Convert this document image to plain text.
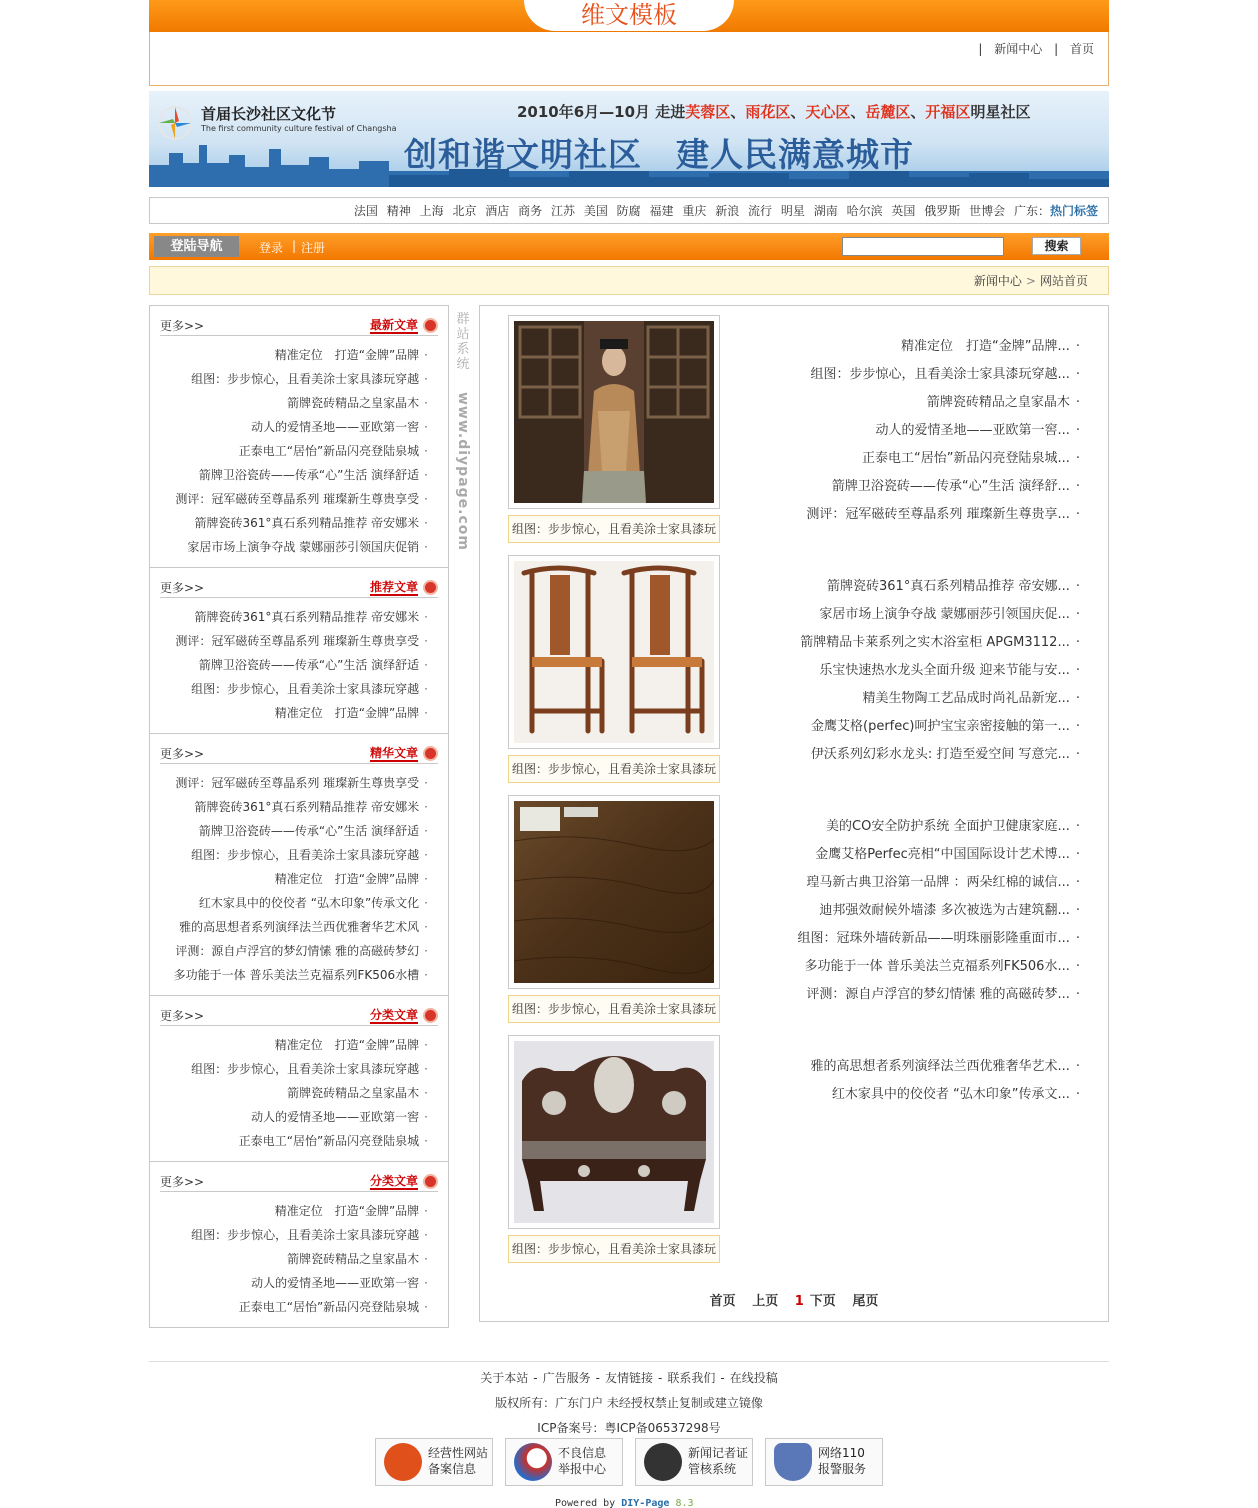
维文模板
| 新闻中心 | 首页
首届长沙社区文化节
The first community culture festival of Changsha
2010年6月—10月 走进芙蓉区、雨花区、天心区、岳麓区、开福区明星社区
创和谐文明社区　建人民满意城市
法国 精神 上海 北京 酒店 商务 江苏 美国 防腐 福建 重庆 新浪 流行 明星 湖南 哈尔滨 英国 俄罗斯 世博会 广东：热门标签
登陆导航	登录 | 注册	搜索
新闻中心 > 网站首页
更多>>	最新文章
精准定位　打造“金牌”品牌 ·
组图：步步惊心，且看美涂士家具漆玩穿越 ·
箭牌瓷砖精品之皇家晶木 ·
动人的爱情圣地——亚欧第一窖 ·
正泰电工“居怡”新品闪亮登陆泉城 ·
箭牌卫浴瓷砖——传承“心”生活 演绎舒适 ·
测评：冠军磁砖至尊晶系列 璀璨新生尊贵享受 ·
箭牌瓷砖361°真石系列精品推荐 帝安娜米 ·
家居市场上演争夺战 蒙娜丽莎引领国庆促销 ·
更多>>	推荐文章
箭牌瓷砖361°真石系列精品推荐 帝安娜米 ·
测评：冠军磁砖至尊晶系列 璀璨新生尊贵享受 ·
箭牌卫浴瓷砖——传承“心”生活 演绎舒适 ·
组图：步步惊心，且看美涂士家具漆玩穿越 ·
精准定位　打造“金牌”品牌 ·
更多>>	精华文章
测评：冠军磁砖至尊晶系列 璀璨新生尊贵享受 ·
箭牌瓷砖361°真石系列精品推荐 帝安娜米 ·
箭牌卫浴瓷砖——传承“心”生活 演绎舒适 ·
组图：步步惊心，且看美涂士家具漆玩穿越 ·
精准定位　打造“金牌”品牌 ·
红木家具中的佼佼者 “弘木印象”传承文化 ·
雅的高思想者系列演绎法兰西优雅奢华艺术风 ·
评测：源自卢浮宫的梦幻情愫 雅的高磁砖梦幻 ·
多功能于一体 普乐美法兰克福系列FK506水槽 ·
更多>>	分类文章
精准定位　打造“金牌”品牌 ·
组图：步步惊心，且看美涂士家具漆玩穿越 ·
箭牌瓷砖精品之皇家晶木 ·
动人的爱情圣地——亚欧第一窖 ·
正泰电工“居怡”新品闪亮登陆泉城 ·
更多>>	分类文章
精准定位　打造“金牌”品牌 ·
组图：步步惊心，且看美涂士家具漆玩穿越 ·
箭牌瓷砖精品之皇家晶木 ·
动人的爱情圣地——亚欧第一窖 ·
正泰电工“居怡”新品闪亮登陆泉城 ·
群站系统
www.diypage.com	组图：步步惊心，且看美涂士家具漆玩
精准定位　打造“金牌”品牌... ·
组图：步步惊心，且看美涂士家具漆玩穿越... ·
箭牌瓷砖精品之皇家晶木 ·
动人的爱情圣地——亚欧第一窖... ·
正泰电工“居怡”新品闪亮登陆泉城... ·
箭牌卫浴瓷砖——传承“心”生活 演绎舒... ·
测评：冠军磁砖至尊晶系列 璀璨新生尊贵享... ·
组图：步步惊心，且看美涂士家具漆玩
箭牌瓷砖361°真石系列精品推荐 帝安娜... ·
家居市场上演争夺战 蒙娜丽莎引领国庆促... ·
箭牌精品卡莱系列之实木浴室柜 APGM3112... ·
乐宝快速热水龙头全面升级 迎来节能与安... ·
精美生物陶工艺品成时尚礼品新宠... ·
金鹰艾格(perfec)呵护宝宝亲密接触的第一... ·
伊沃系列幻彩水龙头: 打造至爱空间 写意完... ·
组图：步步惊心，且看美涂士家具漆玩
美的CO安全防护系统 全面护卫健康家庭... ·
金鹰艾格Perfec亮相“中国国际设计艺术博... ·
瑝马新古典卫浴第一品牌 ：两朵红棉的诚信... ·
迪邦强效耐候外墙漆 多次被选为古建筑翻... ·
组图：冠珠外墙砖新品——明珠丽影隆重面市... ·
多功能于一体 普乐美法兰克福系列FK506水... ·
评测：源自卢浮宫的梦幻情愫 雅的高磁砖梦... ·
组图：步步惊心，且看美涂士家具漆玩
雅的高思想者系列演绎法兰西优雅奢华艺术... ·
红木家具中的佼佼者 “弘木印象”传承文... ·
首页 上页 1 下页 尾页
关于本站 - 广告服务 - 友情链接 - 联系我们 - 在线投稿
版权所有：广东门户 未经授权禁止复制或建立镜像
ICP备案号：粤ICP备06537298号
经营性网站
备案信息
不良信息
举报中心
新闻记者证
管核系统
网络110
报警服务
Powered by DIY-Page 8.3
